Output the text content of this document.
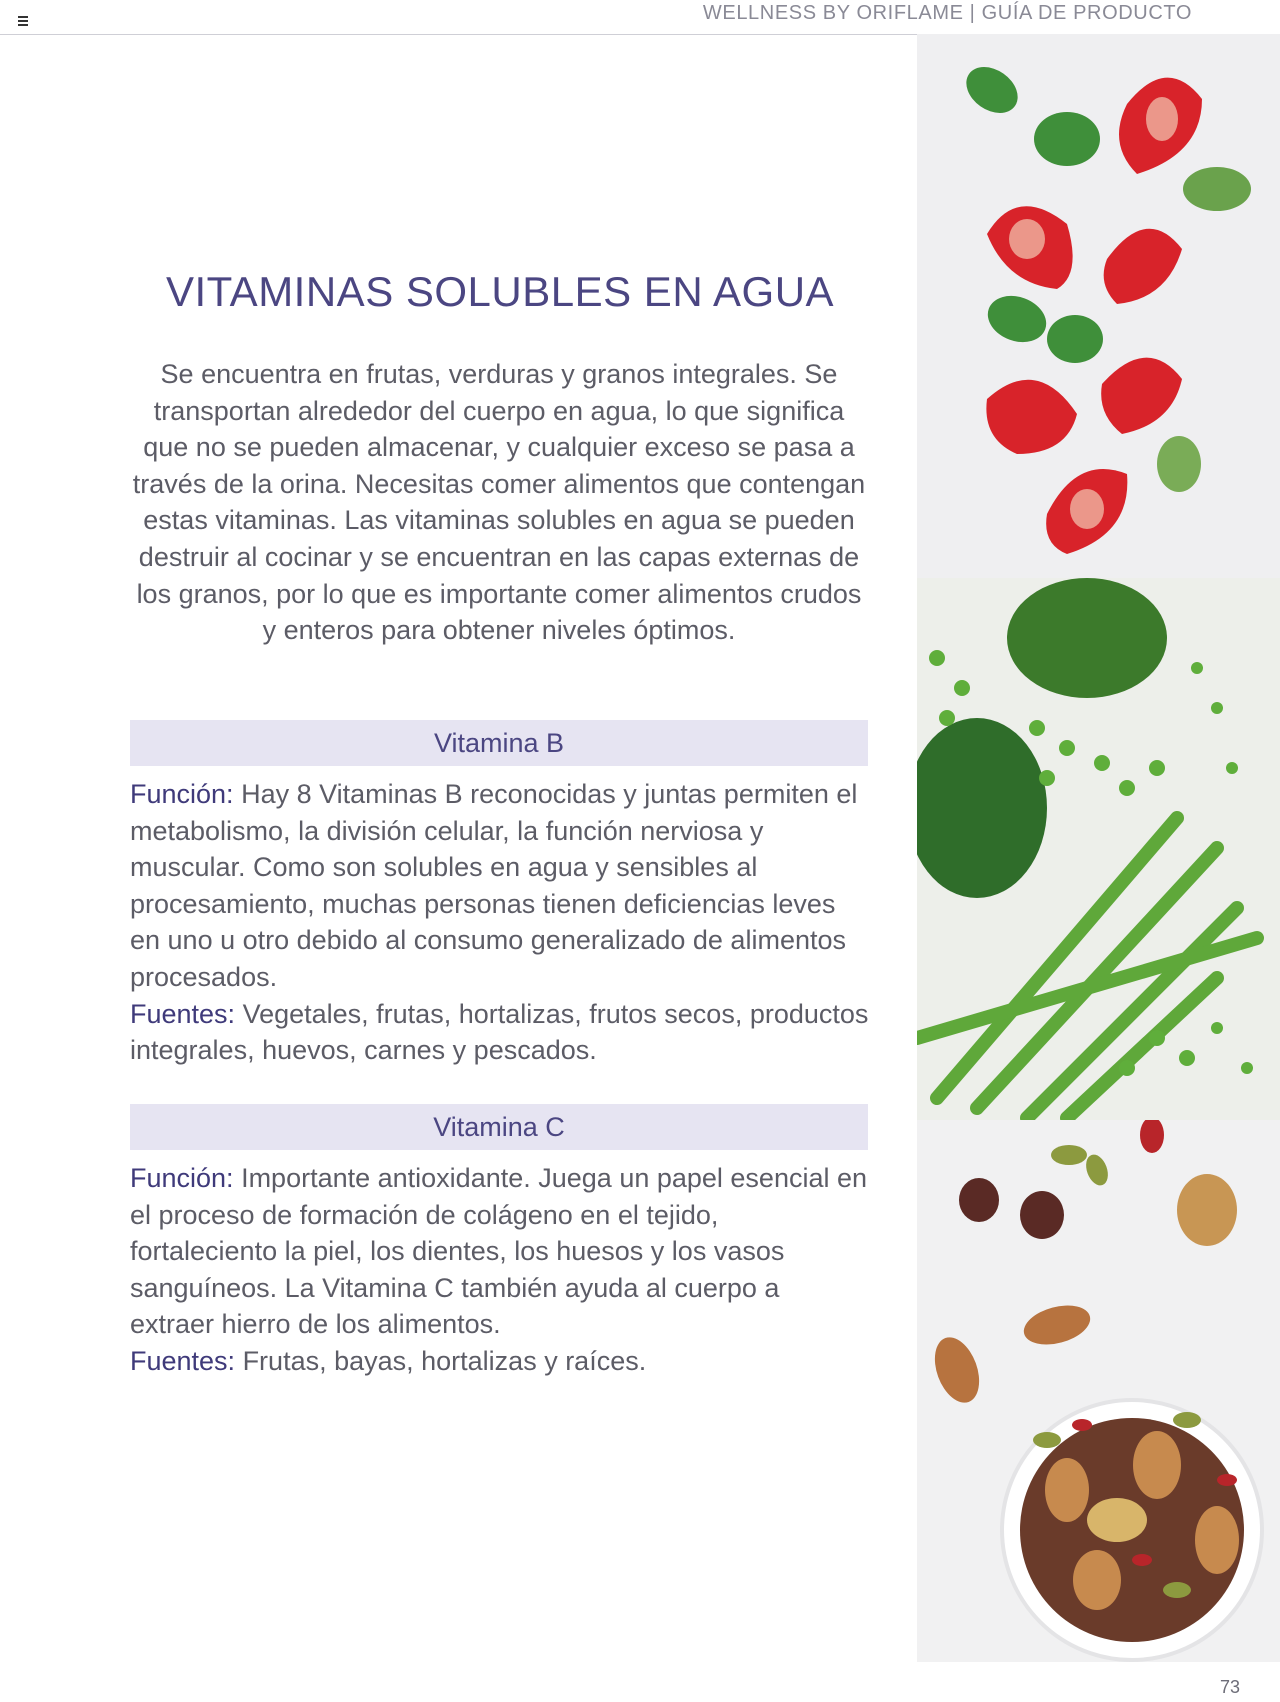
WELLNESS BY ORIFLAME | GUÍA DE PRODUCTO
VITAMINAS SOLUBLES EN AGUA
Se encuentra en frutas, verduras y granos integrales. Se transportan alrededor del cuerpo en agua, lo que significa que no se pueden almacenar, y cualquier exceso se pasa a través de la orina. Necesitas comer alimentos que contengan estas vitaminas. Las vitaminas solubles en agua se pueden destruir al cocinar y se encuentran en las capas externas de los granos, por lo que es importante comer alimentos crudos y enteros para obtener niveles óptimos.
Vitamina B
Función: Hay 8 Vitaminas B reconocidas y juntas permiten el metabolismo, la división celular, la función nerviosa y muscular. Como son solubles en agua y sensibles al procesamiento, muchas personas tienen deficiencias leves en uno u otro debido al consumo generalizado de alimentos procesados.
Fuentes: Vegetales, frutas, hortalizas, frutos secos, productos integrales, huevos, carnes y pescados.
Vitamina C
Función: Importante antioxidante. Juega un papel esencial en el proceso de formación de colágeno en el tejido, fortaleciento la piel, los dientes, los huesos y los vasos sanguíneos. La Vitamina C también ayuda al cuerpo a extraer hierro de los alimentos.
Fuentes: Frutas, bayas, hortalizas y raíces.
73
